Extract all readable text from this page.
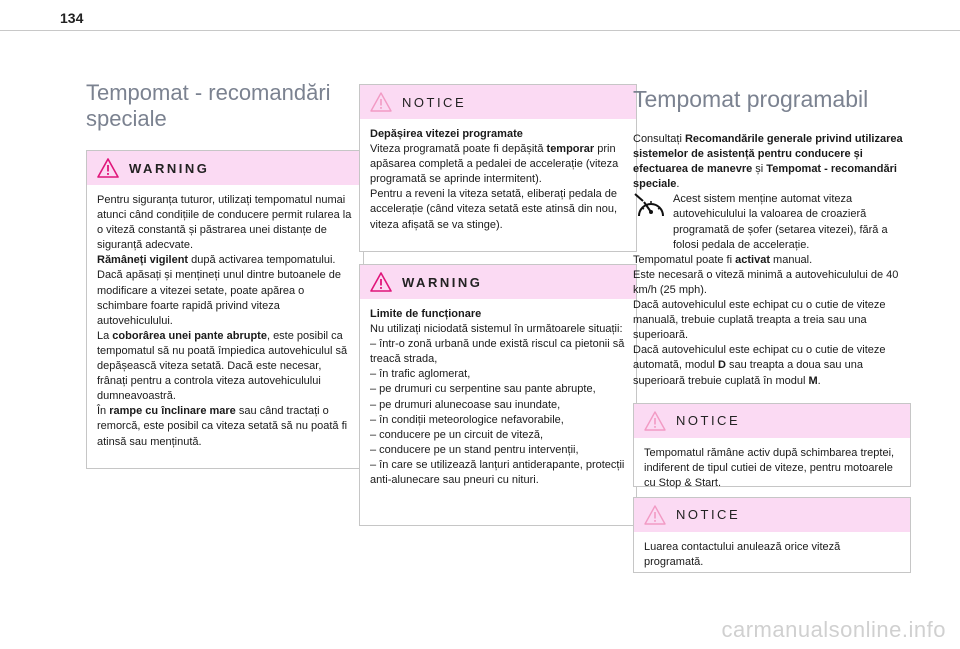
134
Tempomat - recomandări
speciale
WARNING

Pentru siguranța tuturor, utilizați tempomatul numai atunci când condițiile de conducere permit rularea la o viteză constantă și păstrarea unei distanțe de siguranță adecvate.

Rămâneți vigilent după activarea tempomatului. Dacă apăsați și mențineți unul dintre butoanele de modificare a vitezei setate, poate apărea o schimbare foarte rapidă privind viteza autovehiculului.

La coborârea unei pante abrupte, este posibil ca tempomatul să nu poată împiedica autovehiculul să depășească viteza setată. Dacă este necesar, frânați pentru a controla viteza autovehiculului dumneavoastră.

În rampe cu înclinare mare sau când tractați o remorcă, este posibil ca viteza setată să nu poată fi atinsă sau menținută.

NOTICE

Depășirea vitezei programate

Viteza programată poate fi depășită temporar prin apăsarea completă a pedalei de accelerație (viteza programată se aprinde intermitent).

Pentru a reveni la viteza setată, eliberați pedala de accelerație (când viteza setată este atinsă din nou, viteza afișată se va stinge).

WARNING

Limite de funcționare

Nu utilizați niciodată sistemul în următoarele situații:

– într-o zonă urbană unde există riscul ca pietonii să treacă strada,

– în trafic aglomerat,

– pe drumuri cu serpentine sau pante abrupte,

– pe drumuri alunecoase sau inundate,

– în condiții meteorologice nefavorabile,

– conducere pe un circuit de viteză,

– conducere pe un stand pentru intervenții,

– în care se utilizează lanțuri antiderapante, protecții anti-alunecare sau pneuri cu nituri.

Tempomat programabil

Consultați Recomandările generale privind utilizarea sistemelor de asistență pentru conducere și efectuarea de manevre și Tempomat - recomandări speciale.

Acest sistem menține automat viteza autovehiculului la valoarea de croazieră programată de șofer (setarea vitezei), fără a folosi pedala de accelerație.

Tempomatul poate fi activat manual.

Este necesară o viteză minimă a autovehiculului de 40 km/h (25 mph).

Dacă autovehiculul este echipat cu o cutie de viteze manuală, trebuie cuplată treapta a treia sau una superioară.

Dacă autovehiculul este echipat cu o cutie de viteze automată, modul D sau treapta a doua sau una superioară trebuie cuplată în modul M.

NOTICE

Tempomatul rămâne activ după schimbarea treptei, indiferent de tipul cutiei de viteze, pentru motoarele cu Stop & Start.

NOTICE

Luarea contactului anulează orice viteză programată.

carmanualsonline.info
